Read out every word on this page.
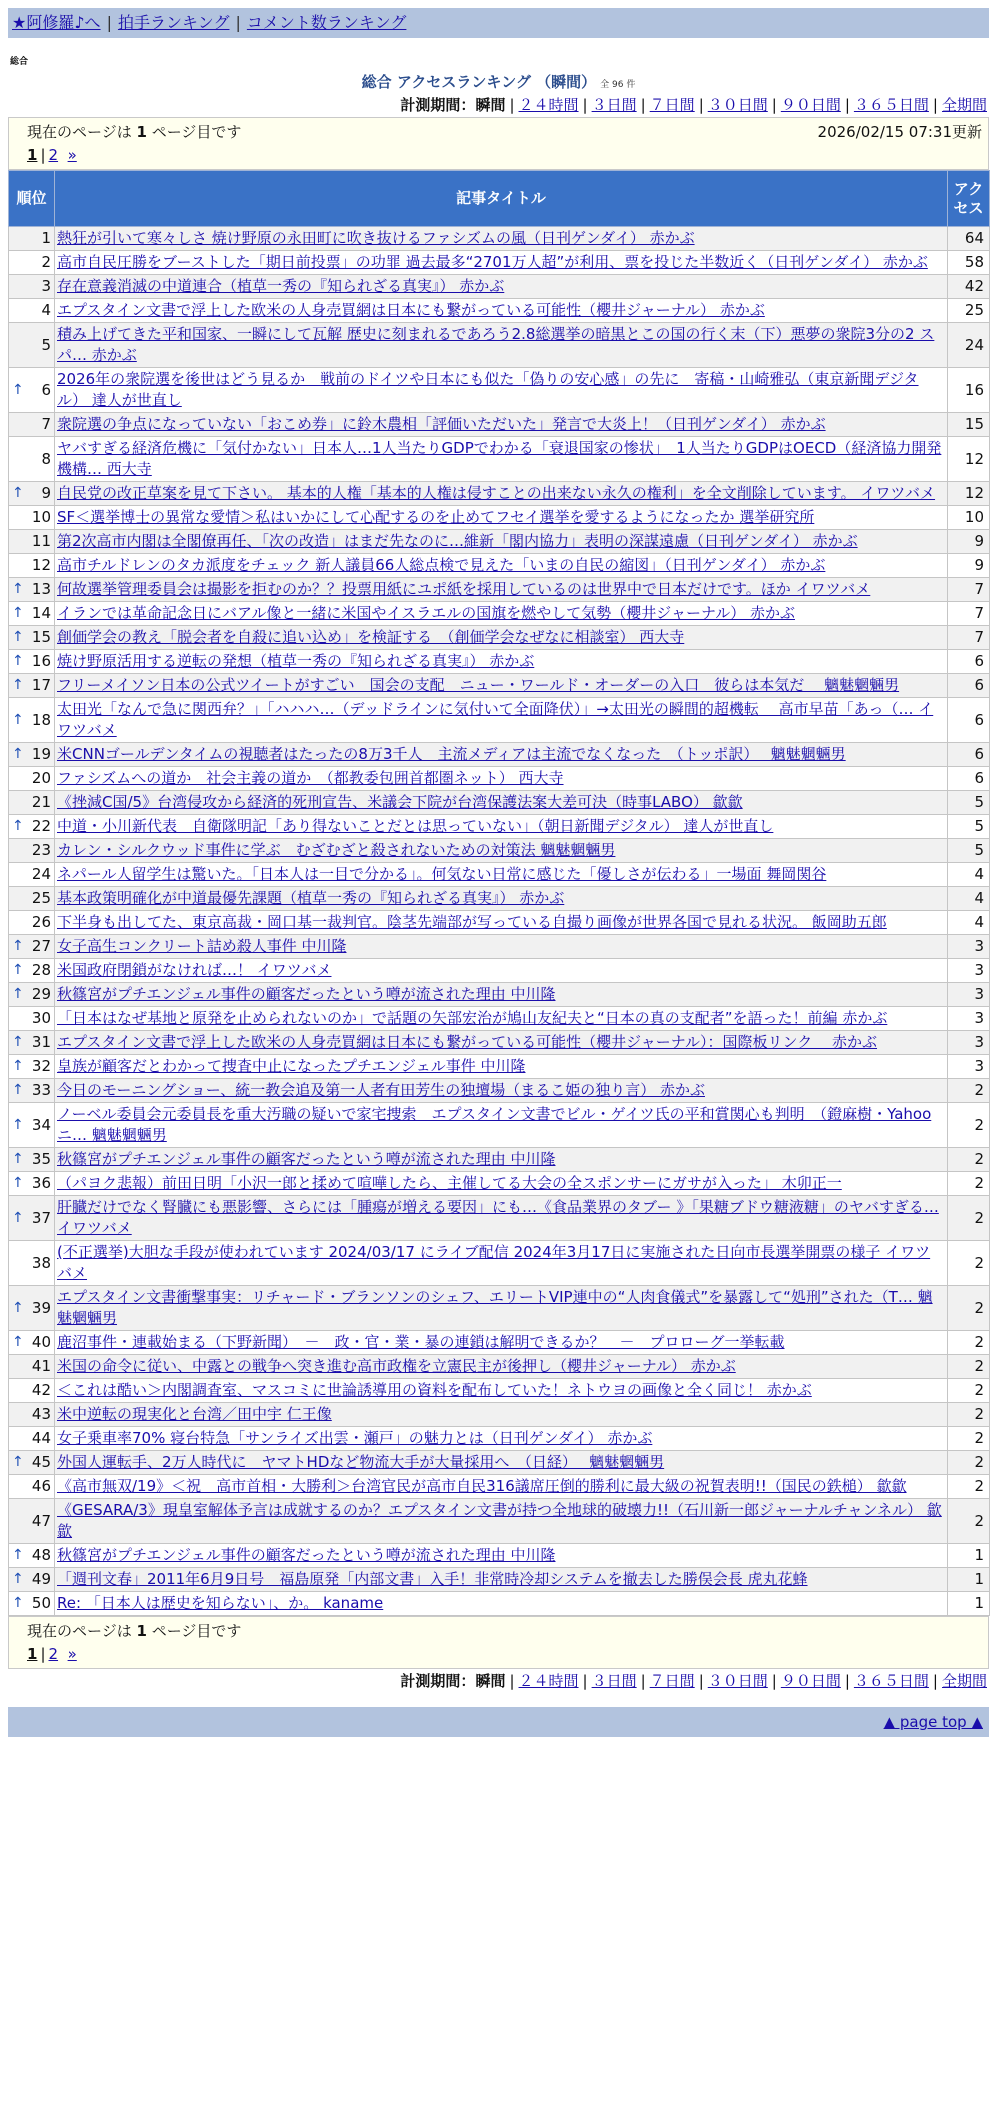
★阿修羅♪へ | 拍手ランキング | コメント数ランキング
総合
総合 アクセスランキング （瞬間） 全 96 件
計測期間：瞬間 | ２４時間 | ３日間 | ７日間 | ３０日間 | ９０日間 | ３６５日間 | 全期間
現在のページは 1 ページ目です	2026/02/15 07:31更新
1 | 2 »
順位	記事タイトル	アクセス
1	熱狂が引いて寒々しさ 焼け野原の永田町に吹き抜けるファシズムの風（日刊ゲンダイ） 赤かぶ	64
2	高市自民圧勝をブーストした「期日前投票」の功罪 過去最多“2701万人超”が利用、票を投じた半数近く（日刊ゲンダイ） 赤かぶ	58
3	存在意義消滅の中道連合（植草一秀の『知られざる真実』） 赤かぶ	42
4	エプスタイン文書で浮上した欧米の人身売買網は日本にも繋がっている可能性（櫻井ジャーナル） 赤かぶ	25
5	積み上げてきた平和国家、一瞬にして瓦解 歴史に刻まれるであろう2.8総選挙の暗黒とこの国の行く末（下）悪夢の衆院3分の2 スパ… 赤かぶ	24

↑ 6	2026年の衆院選を後世はどう見るか　戦前のドイツや日本にも似た「偽りの安心感」の先に　寄稿・山崎雅弘（東京新聞デジタル） 達人が世直し	16
7	衆院選の争点になっていない「おこめ券」に鈴木農相「評価いただいた」発言で大炎上！（日刊ゲンダイ） 赤かぶ	15
8	ヤバすぎる経済危機に「気付かない」日本人…1人当たりGDPでわかる「衰退国家の惨状」　1人当たりGDPはOECD（経済協力開発機構… 西大寺	12

↑ 9	自民党の改正草案を見て下さい。 基本的人権「基本的人権は侵すことの出来ない永久の権利」を全文削除しています。 イワツバメ	12
10	SF＜選挙博士の異常な愛情＞私はいかにして心配するのを止めてフセイ選挙を愛するようになったか 選挙研究所	10
11	第2次高市内閣は全閣僚再任、「次の改造」はまだ先なのに…維新「閣内協力」表明の深謀遠慮（日刊ゲンダイ） 赤かぶ	9
12	高市チルドレンのタカ派度をチェック 新人議員66人総点検で見えた「いまの自民の縮図」（日刊ゲンダイ） 赤かぶ	9

↑ 13	何故選挙管理委員会は撮影を拒むのか？？投票用紙にユポ紙を採用しているのは世界中で日本だけです。ほか イワツバメ	7

↑ 14	イランでは革命記念日にバアル像と一緒に米国やイスラエルの国旗を燃やして気勢（櫻井ジャーナル） 赤かぶ	7

↑ 15	創価学会の教え「脱会者を自殺に追い込め」を検証する　（創価学会なぜなに相談室） 西大寺	7

↑ 16	焼け野原活用する逆転の発想（植草一秀の『知られざる真実』） 赤かぶ	6

↑ 17	フリーメイソン日本の公式ツイートがすごい　国会の支配　ニュー・ワールド・オーダーの入口　彼らは本気だ　 魑魅魍魎男	6

↑ 18	太田光「なんで急に関西弁？」「ハハハ…（デッドラインに気付いて全面降伏）」→太田光の瞬間的超機転　 高市早苗「あっ（… イワツバメ	6

↑ 19	米CNNゴールデンタイムの視聴者はたったの8万3千人　主流メディアは主流でなくなった　（トッポ訳）　 魑魅魍魎男	6
20	ファシズムへの道か　社会主義の道か　（都教委包囲首都圏ネット） 西大寺	6
21	《挫減C国/5》台湾侵攻から経済的死刑宣告、米議会下院が台湾保護法案大差可決（時事LABO） 歙歙	5

↑ 22	中道・小川新代表　自衛隊明記「あり得ないことだとは思っていない」（朝日新聞デジタル） 達人が世直し	5
23	カレン・シルクウッド事件に学ぶ　むざむざと殺されないための対策法 魑魅魍魎男	5
24	ネパール人留学生は驚いた。「日本人は一目で分かる」。何気ない日常に感じた「優しさが伝わる」一場面 舞岡関谷	4
25	基本政策明確化が中道最優先課題（植草一秀の『知られざる真実』） 赤かぶ	4
26	下半身も出してた、東京高裁・岡口基一裁判官。陰茎先端部が写っている自撮り画像が世界各国で見れる状況。 飯岡助五郎	4

↑ 27	女子高生コンクリート詰め殺人事件 中川隆	3

↑ 28	米国政府閉鎖がなければ…！ イワツバメ	3

↑ 29	秋篠宮がプチエンジェル事件の顧客だったという噂が流された理由 中川隆	3
30	「日本はなぜ基地と原発を止められないのか」で話題の矢部宏治が鳩山友紀夫と“日本の真の支配者”を語った！前編 赤かぶ	3

↑ 31	エプスタイン文書で浮上した欧米の人身売買網は日本にも繋がっている可能性（櫻井ジャーナル）：国際板リンク　 赤かぶ	3

↑ 32	皇族が顧客だとわかって捜査中止になったプチエンジェル事件 中川隆	3

↑ 33	今日のモーニングショー、統一教会追及第一人者有田芳生の独壇場（まるこ姫の独り言） 赤かぶ	2

↑ 34	ノーベル委員会元委員長を重大汚職の疑いで家宅捜索　エプスタイン文書でビル・ゲイツ氏の平和賞関心も判明　（鐙麻樹・Yahooニ… 魑魅魍魎男	2

↑ 35	秋篠宮がプチエンジェル事件の顧客だったという噂が流された理由 中川隆	2

↑ 36	（パヨク悲報）前田日明「小沢一郎と揉めて喧嘩したら、主催してる大会の全スポンサーにガサが入った」 木卯正一	2

↑ 37	肝臓だけでなく腎臓にも悪影響、さらには「腫瘍が増える要因」にも…《食品業界のタブー 》「果糖ブドウ糖液糖」のヤバすぎる… イワツバメ	2
38	(不正選挙)大胆な手段が使われています 2024/03/17 にライブ配信 2024年3月17日に実施された日向市長選挙開票の様子 イワツバメ	2

↑ 39	エプスタイン文書衝撃事実：リチャード・ブランソンのシェフ、エリートVIP連中の“人肉食儀式”を暴露して“処刑”された（T… 魑魅魍魎男	2

↑ 40	鹿沼事件・連載始まる（下野新聞）　－　政・官・業・暴の連鎖は解明できるか？　－　プロローグ一挙転載	2
41	米国の命令に従い、中露との戦争へ突き進む高市政権を立憲民主が後押し（櫻井ジャーナル） 赤かぶ	2
42	＜これは酷い＞内閣調査室、マスコミに世論誘導用の資料を配布していた！ネトウヨの画像と全く同じ！ 赤かぶ	2
43	米中逆転の現実化と台湾／田中宇 仁王像	2
44	女子乗車率70% 寝台特急「サンライズ出雲・瀬戸」の魅力とは（日刊ゲンダイ） 赤かぶ	2

↑ 45	外国人運転手、2万人時代に　ヤマトHDなど物流大手が大量採用へ　（日経）　 魑魅魍魎男	2
46	《高市無双/19》＜祝　高市首相・大勝利＞台湾官民が高市自民316議席圧倒的勝利に最大級の祝賀表明!!（国民の鉄槌） 歙歙	2
47	《GESARA/3》現皇室解体予言は成就するのか？エプスタイン文書が持つ全地球的破壊力!!（石川新一郎ジャーナルチャンネル） 歙歙	2

↑ 48	秋篠宮がプチエンジェル事件の顧客だったという噂が流された理由 中川隆	1

↑ 49	「週刊文春」2011年6月9日号　福島原発「内部文書」入手！非常時冷却システムを撤去した勝俣会長 虎丸花蜂	1

↑ 50	Re: 「日本人は歴史を知らない」、か。 kaname	1
現在のページは 1 ページ目です
1 | 2 »
計測期間：瞬間 | ２４時間 | ３日間 | ７日間 | ３０日間 | ９０日間 | ３６５日間 | 全期間
▲ page top ▲
